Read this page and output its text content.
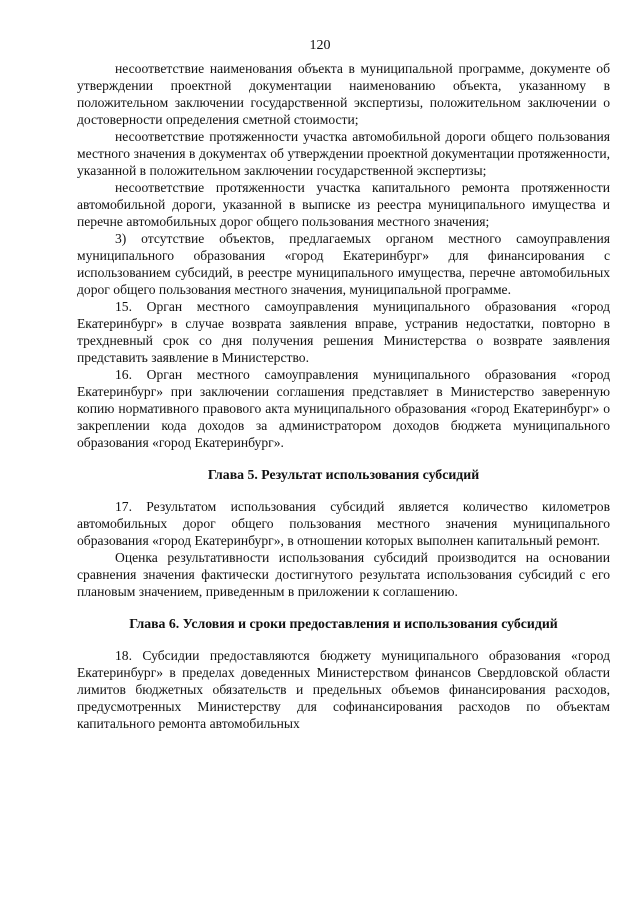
120

несоответствие наименования объекта в муниципальной программе, документе об утверждении проектной документации наименованию объекта, указанному в положительном заключении государственной экспертизы, положительном заключении о достоверности определения сметной стоимости;

несоответствие протяженности участка автомобильной дороги общего пользования местного значения в документах об утверждении проектной документации протяженности, указанной в положительном заключении государственной экспертизы;

несоответствие протяженности участка капитального ремонта протяженности автомобильной дороги, указанной в выписке из реестра муниципального имущества и перечне автомобильных дорог общего пользования местного значения;

3) отсутствие объектов, предлагаемых органом местного самоуправления муниципального образования «город Екатеринбург» для финансирования с использованием субсидий, в реестре муниципального имущества, перечне автомобильных дорог общего пользования местного значения, муниципальной программе.

15. Орган местного самоуправления муниципального образования «город Екатеринбург» в случае возврата заявления вправе, устранив недостатки, повторно в трехдневный срок со дня получения решения Министерства о возврате заявления представить заявление в Министерство.

16. Орган местного самоуправления муниципального образования «город Екатеринбург» при заключении соглашения представляет в Министерство заверенную копию нормативного правового акта муниципального образования «город Екатеринбург» о закреплении кода доходов за администратором доходов бюджета муниципального образования «город Екатеринбург».

Глава 5. Результат использования субсидий

17. Результатом использования субсидий является количество километров автомобильных дорог общего пользования местного значения муниципального образования «город Екатеринбург», в отношении которых выполнен капитальный ремонт.

Оценка результативности использования субсидий производится на основании сравнения значения фактически достигнутого результата использования субсидий с его плановым значением, приведенным в приложении к соглашению.

Глава 6. Условия и сроки предоставления и использования субсидий

18. Субсидии предоставляются бюджету муниципального образования «город Екатеринбург» в пределах доведенных Министерством финансов Свердловской области лимитов бюджетных обязательств и предельных объемов финансирования расходов, предусмотренных Министерству для софинансирования расходов по объектам капитального ремонта автомобильных
